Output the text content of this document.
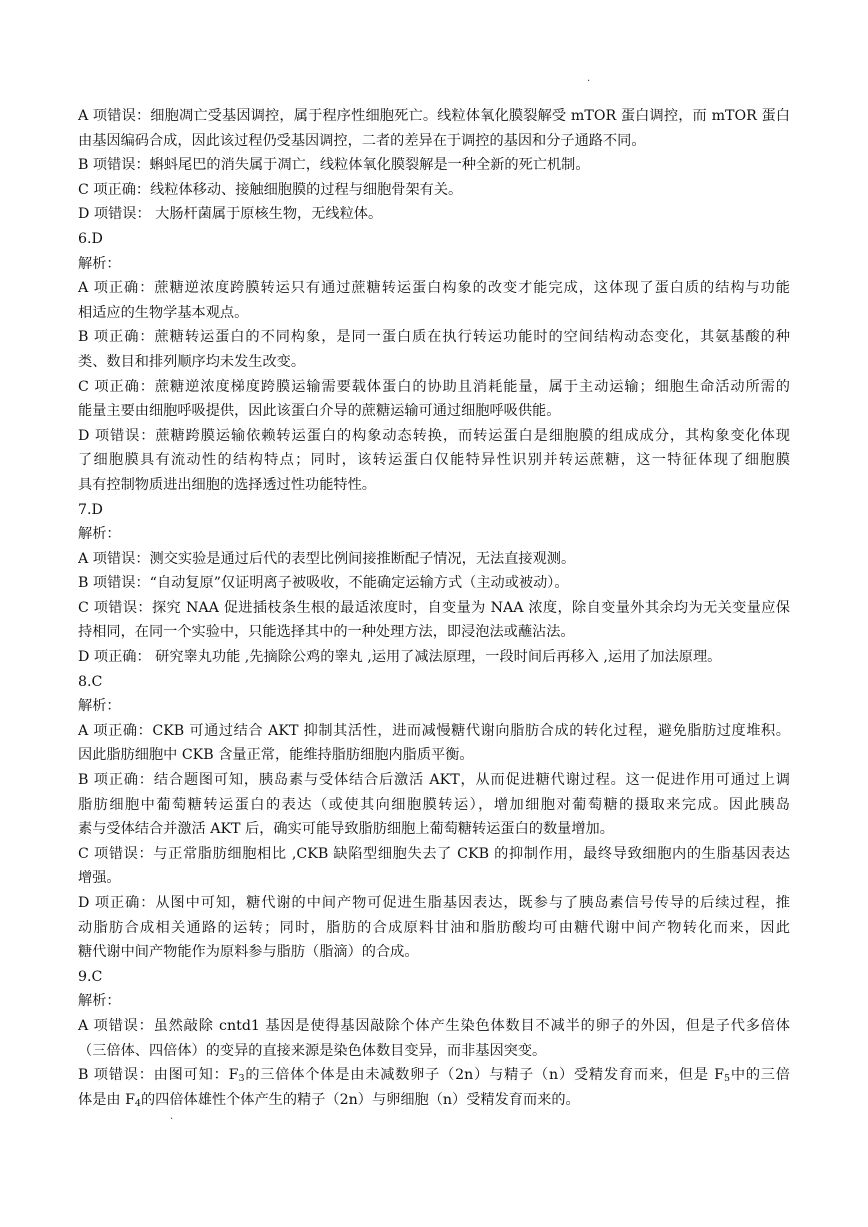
.
A 项错误：细胞凋亡受基因调控，属于程序性细胞死亡。线粒体氧化膜裂解受 mTOR 蛋白调控，而 mTOR 蛋白
由基因编码合成，因此该过程仍受基因调控，二者的差异在于调控的基因和分子通路不同。
B 项错误：蝌蚪尾巴的消失属于凋亡，线粒体氧化膜裂解是一种全新的死亡机制。
C 项正确：线粒体移动、接触细胞膜的过程与细胞骨架有关。
D 项错误： 大肠杆菌属于原核生物，无线粒体。
6.D
解析：
A 项正确：蔗糖逆浓度跨膜转运只有通过蔗糖转运蛋白构象的改变才能完成，这体现了蛋白质的结构与功能
相适应的生物学基本观点。
B 项正确：蔗糖转运蛋白的不同构象，是同一蛋白质在执行转运功能时的空间结构动态变化，其氨基酸的种
类、数目和排列顺序均未发生改变。
C 项正确：蔗糖逆浓度梯度跨膜运输需要载体蛋白的协助且消耗能量，属于主动运输；细胞生命活动所需的
能量主要由细胞呼吸提供，因此该蛋白介导的蔗糖运输可通过细胞呼吸供能。
D 项错误：蔗糖跨膜运输依赖转运蛋白的构象动态转换，而转运蛋白是细胞膜的组成成分，其构象变化体现
了细胞膜具有流动性的结构特点；同时，该转运蛋白仅能特异性识别并转运蔗糖，这一特征体现了细胞膜
具有控制物质进出细胞的选择透过性功能特性。
7.D
解析：
A 项错误：测交实验是通过后代的表型比例间接推断配子情况，无法直接观测。
B 项错误：“自动复原”仅证明离子被吸收，不能确定运输方式（主动或被动）。
C 项错误：探究 NAA 促进插枝条生根的最适浓度时，自变量为 NAA 浓度，除自变量外其余均为无关变量应保
持相同，在同一个实验中，只能选择其中的一种处理方法，即浸泡法或蘸沾法。
D 项正确： 研究睾丸功能 ,先摘除公鸡的睾丸 ,运用了减法原理，一段时间后再移入 ,运用了加法原理。
8.C
解析：
A 项正确：CKB 可通过结合 AKT 抑制其活性，进而减慢糖代谢向脂肪合成的转化过程，避免脂肪过度堆积。
因此脂肪细胞中 CKB 含量正常，能维持脂肪细胞内脂质平衡。
B 项正确：结合题图可知，胰岛素与受体结合后激活 AKT，从而促进糖代谢过程。这一促进作用可通过上调
脂肪细胞中葡萄糖转运蛋白的表达（或使其向细胞膜转运），增加细胞对葡萄糖的摄取来完成。因此胰岛
素与受体结合并激活 AKT 后，确实可能导致脂肪细胞上葡萄糖转运蛋白的数量增加。
C 项错误：与正常脂肪细胞相比 ,CKB 缺陷型细胞失去了 CKB 的抑制作用，最终导致细胞内的生脂基因表达
增强。
D 项正确：从图中可知，糖代谢的中间产物可促进生脂基因表达，既参与了胰岛素信号传导的后续过程，推
动脂肪合成相关通路的运转；同时，脂肪的合成原料甘油和脂肪酸均可由糖代谢中间产物转化而来，因此
糖代谢中间产物能作为原料参与脂肪（脂滴）的合成。
9.C
解析：
A 项错误：虽然敲除 cntd1 基因是使得基因敲除个体产生染色体数目不减半的卵子的外因，但是子代多倍体
（三倍体、四倍体）的变异的直接来源是染色体数目变异，而非基因突变。
B 项错误：由图可知：$F_3$的三倍体个体是由未减数卵子（2n）与精子（n）受精发育而来，但是 $F_5$中的三倍
体是由 $F_4$的四倍体雄性个体产生的精子（2n）与卵细胞（n）受精发育而来的。
.
